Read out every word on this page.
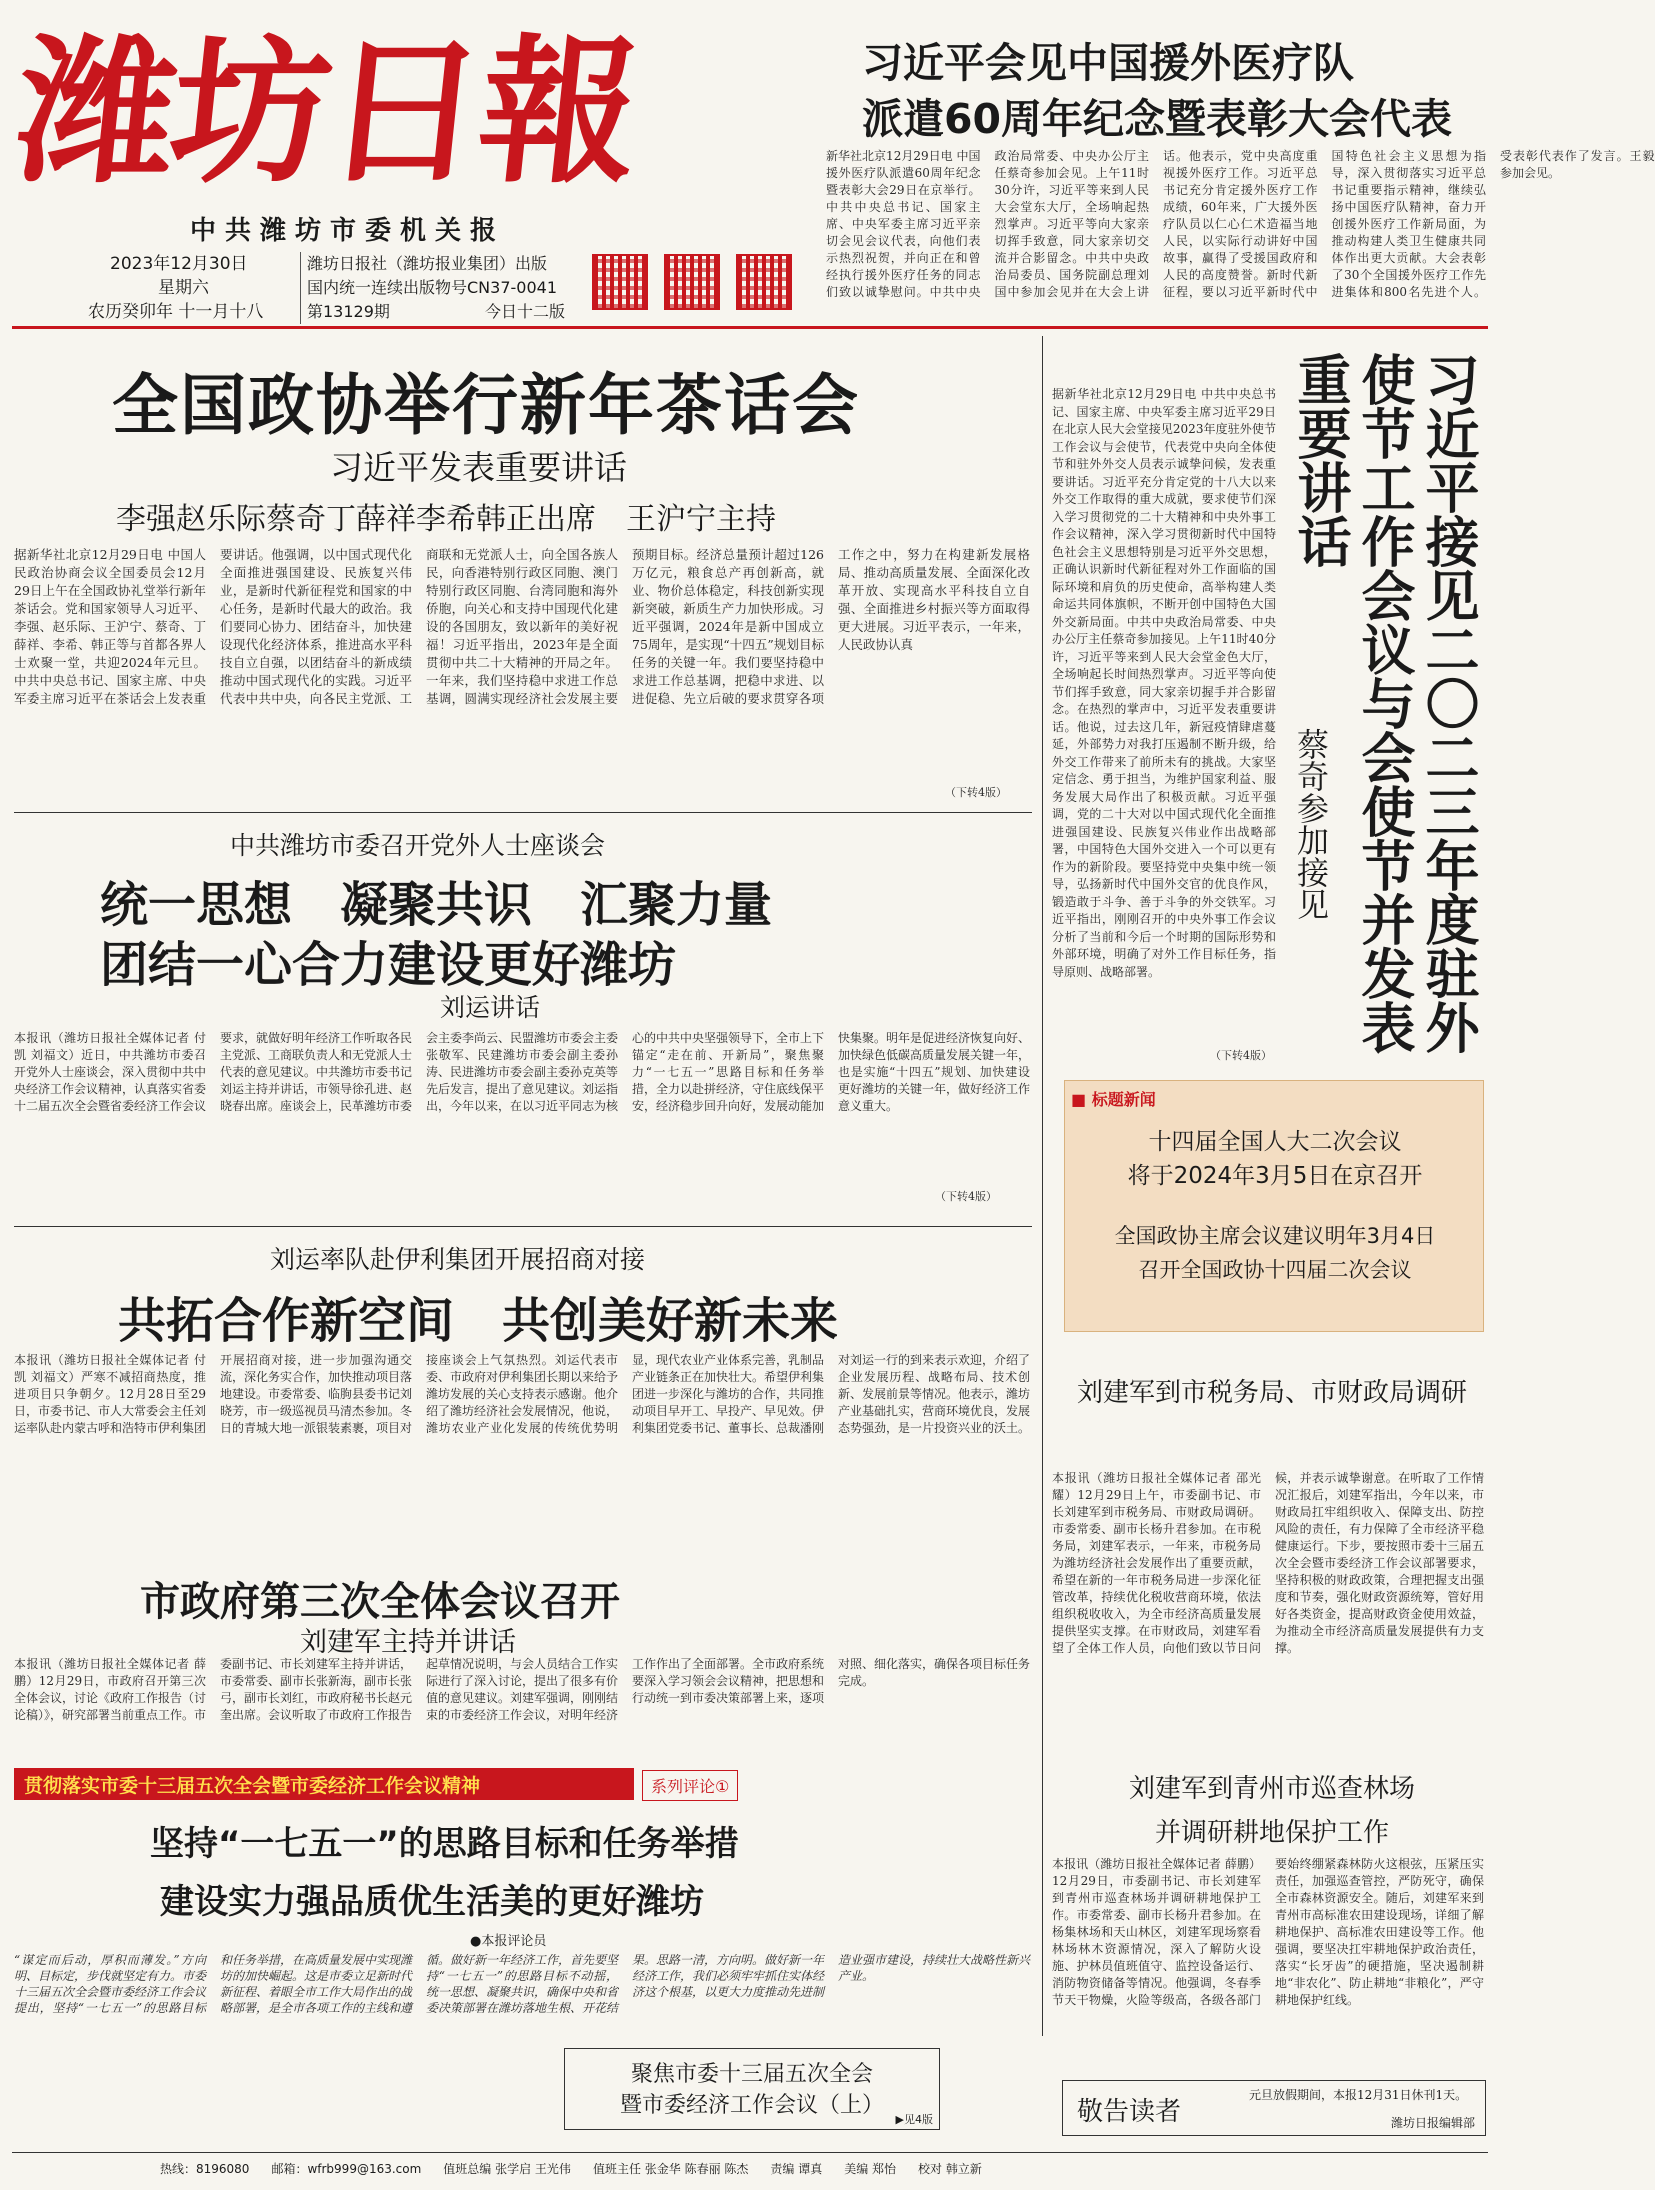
潍坊日報
中共潍坊市委机关报
2023年12月30日
星期六
农历癸卯年 十一月十八
潍坊日报社（潍坊报业集团）出版
国内统一连续出版物号CN37-0041
第13129期	今日十二版
习近平会见中国援外医疗队
派遣60周年纪念暨表彰大会代表
新华社北京12月29日电 中国援外医疗队派遣60周年纪念暨表彰大会29日在京举行。中共中央总书记、国家主席、中央军委主席习近平亲切会见会议代表，向他们表示热烈祝贺，并向正在和曾经执行援外医疗任务的同志们致以诚挚慰问。中共中央政治局常委、中央办公厅主任蔡奇参加会见。上午11时30分许，习近平等来到人民大会堂东大厅，全场响起热烈掌声。习近平等向大家亲切挥手致意，同大家亲切交流并合影留念。中共中央政治局委员、国务院副总理刘国中参加会见并在大会上讲话。他表示，党中央高度重视援外医疗工作。习近平总书记充分肯定援外医疗工作成绩，60年来，广大援外医疗队员以仁心仁术造福当地人民，以实际行动讲好中国故事，赢得了受援国政府和人民的高度赞誉。新时代新征程，要以习近平新时代中国特色社会主义思想为指导，深入贯彻落实习近平总书记重要指示精神，继续弘扬中国医疗队精神，奋力开创援外医疗工作新局面，为推动构建人类卫生健康共同体作出更大贡献。大会表彰了30个全国援外医疗工作先进集体和800名先进个人。受表彰代表作了发言。王毅参加会见。
全国政协举行新年茶话会
习近平发表重要讲话
李强赵乐际蔡奇丁薛祥李希韩正出席　王沪宁主持
据新华社北京12月29日电 中国人民政治协商会议全国委员会12月29日上午在全国政协礼堂举行新年茶话会。党和国家领导人习近平、李强、赵乐际、王沪宁、蔡奇、丁薛祥、李希、韩正等与首都各界人士欢聚一堂，共迎2024年元旦。中共中央总书记、国家主席、中央军委主席习近平在茶话会上发表重要讲话。他强调，以中国式现代化全面推进强国建设、民族复兴伟业，是新时代新征程党和国家的中心任务，是新时代最大的政治。我们要同心协力、团结奋斗，加快建设现代化经济体系，推进高水平科技自立自强，以团结奋斗的新成绩推动中国式现代化的实践。习近平代表中共中央，向各民主党派、工商联和无党派人士，向全国各族人民，向香港特别行政区同胞、澳门特别行政区同胞、台湾同胞和海外侨胞，向关心和支持中国现代化建设的各国朋友，致以新年的美好祝福！习近平指出，2023年是全面贯彻中共二十大精神的开局之年。一年来，我们坚持稳中求进工作总基调，圆满实现经济社会发展主要预期目标。经济总量预计超过126万亿元，粮食总产再创新高，就业、物价总体稳定，科技创新实现新突破，新质生产力加快形成。习近平强调，2024年是新中国成立75周年，是实现“十四五”规划目标任务的关键一年。我们要坚持稳中求进工作总基调，把稳中求进、以进促稳、先立后破的要求贯穿各项工作之中，努力在构建新发展格局、推动高质量发展、全面深化改革开放、实现高水平科技自立自强、全面推进乡村振兴等方面取得更大进展。习近平表示，一年来，人民政协认真
（下转4版）
据新华社北京12月29日电 中共中央总书记、国家主席、中央军委主席习近平29日在北京人民大会堂接见2023年度驻外使节工作会议与会使节，代表党中央向全体使节和驻外外交人员表示诚挚问候，发表重要讲话。习近平充分肯定党的十八大以来外交工作取得的重大成就，要求使节们深入学习贯彻党的二十大精神和中央外事工作会议精神，深入学习贯彻新时代中国特色社会主义思想特别是习近平外交思想，正确认识新时代新征程对外工作面临的国际环境和肩负的历史使命，高举构建人类命运共同体旗帜，不断开创中国特色大国外交新局面。中共中央政治局常委、中央办公厅主任蔡奇参加接见。上午11时40分许，习近平等来到人民大会堂金色大厅，全场响起长时间热烈掌声。习近平等向使节们挥手致意，同大家亲切握手并合影留念。在热烈的掌声中，习近平发表重要讲话。他说，过去这几年，新冠疫情肆虐蔓延，外部势力对我打压遏制不断升级，给外交工作带来了前所未有的挑战。大家坚定信念、勇于担当，为维护国家利益、服务发展大局作出了积极贡献。习近平强调，党的二十大对以中国式现代化全面推进强国建设、民族复兴伟业作出战略部署，中国特色大国外交进入一个可以更有作为的新阶段。要坚持党中央集中统一领导，弘扬新时代中国外交官的优良作风，锻造敢于斗争、善于斗争的外交铁军。习近平指出，刚刚召开的中央外事工作会议分析了当前和今后一个时期的国际形势和外部环境，明确了对外工作目标任务，指导原则、战略部署。	习近平接见二〇二三年度驻外使节工作会议与会使节并发表重要讲话
蔡奇参加接见
（下转4版）
■ 标题新闻
十四届全国人大二次会议
将于2024年3月5日在京召开
全国政协主席会议建议明年3月4日
召开全国政协十四届二次会议
中共潍坊市委召开党外人士座谈会
统一思想　凝聚共识　汇聚力量
团结一心合力建设更好潍坊
刘运讲话
本报讯（潍坊日报社全媒体记者 付凯 刘福文）近日，中共潍坊市委召开党外人士座谈会，深入贯彻中共中央经济工作会议精神，认真落实省委十二届五次全会暨省委经济工作会议要求，就做好明年经济工作听取各民主党派、工商联负责人和无党派人士代表的意见建议。中共潍坊市委书记刘运主持并讲话，市领导徐孔进、赵晓春出席。座谈会上，民革潍坊市委会主委李尚云、民盟潍坊市委会主委张敬军、民建潍坊市委会副主委孙涛、民进潍坊市委会副主委孙克英等先后发言，提出了意见建议。刘运指出，今年以来，在以习近平同志为核心的中共中央坚强领导下，全市上下锚定“走在前、开新局”，聚焦聚力“一七五一”思路目标和任务举措，全力以赴拼经济，守住底线保平安，经济稳步回升向好，发展动能加快集聚。明年是促进经济恢复向好、加快绿色低碳高质量发展关键一年，也是实施“十四五”规划、加快建设更好潍坊的关键一年，做好经济工作意义重大。
（下转4版）
刘运率队赴伊利集团开展招商对接
共拓合作新空间　共创美好新未来
本报讯（潍坊日报社全媒体记者 付凯 刘福文）严寒不减招商热度，推进项目只争朝夕。12月28日至29日，市委书记、市人大常委会主任刘运率队赴内蒙古呼和浩特市伊利集团开展招商对接，进一步加强沟通交流，深化务实合作，加快推动项目落地建设。市委常委、临朐县委书记刘晓芳，市一级巡视员马清杰参加。冬日的青城大地一派银装素裹，项目对接座谈会上气氛热烈。刘运代表市委、市政府对伊利集团长期以来给予潍坊发展的关心支持表示感谢。他介绍了潍坊经济社会发展情况，他说，潍坊农业产业化发展的传统优势明显，现代农业产业体系完善，乳制品产业链条正在加快壮大。希望伊利集团进一步深化与潍坊的合作，共同推动项目早开工、早投产、早见效。伊利集团党委书记、董事长、总裁潘刚对刘运一行的到来表示欢迎，介绍了企业发展历程、战略布局、技术创新、发展前景等情况。他表示，潍坊产业基础扎实，营商环境优良，发展态势强劲，是一片投资兴业的沃土。
刘建军到市税务局、市财政局调研
本报讯（潍坊日报社全媒体记者 邵光耀）12月29日上午，市委副书记、市长刘建军到市税务局、市财政局调研。市委常委、副市长杨升君参加。在市税务局，刘建军表示，一年来，市税务局为潍坊经济社会发展作出了重要贡献，希望在新的一年市税务局进一步深化征管改革，持续优化税收营商环境，依法组织税收收入，为全市经济高质量发展提供坚实支撑。在市财政局，刘建军看望了全体工作人员，向他们致以节日问候，并表示诚挚谢意。在听取了工作情况汇报后，刘建军指出，今年以来，市财政局扛牢组织收入、保障支出、防控风险的责任，有力保障了全市经济平稳健康运行。下步，要按照市委十三届五次全会暨市委经济工作会议部署要求，坚持积极的财政政策，合理把握支出强度和节奏，强化财政资源统筹，管好用好各类资金，提高财政资金使用效益，为推动全市经济高质量发展提供有力支撑。
市政府第三次全体会议召开
刘建军主持并讲话
本报讯（潍坊日报社全媒体记者 薛鹏）12月29日，市政府召开第三次全体会议，讨论《政府工作报告（讨论稿）》，研究部署当前重点工作。市委副书记、市长刘建军主持并讲话，市委常委、副市长张新海，副市长张弓，副市长刘红，市政府秘书长赵元奎出席。会议听取了市政府工作报告起草情况说明，与会人员结合工作实际进行了深入讨论，提出了很多有价值的意见建议。刘建军强调，刚刚结束的市委经济工作会议，对明年经济工作作出了全面部署。全市政府系统要深入学习领会会议精神，把思想和行动统一到市委决策部署上来，逐项对照、细化落实，确保各项目标任务完成。
贯彻落实市委十三届五次全会暨市委经济工作会议精神	系列评论①
坚持“一七五一”的思路目标和任务举措
建设实力强品质优生活美的更好潍坊
●本报评论员
“谋定而后动，厚积而薄发。”方向明、目标定，步伐就坚定有力。市委十三届五次全会暨市委经济工作会议提出，坚持“一七五一”的思路目标和任务举措，在高质量发展中实现潍坊的加快崛起。这是市委立足新时代新征程、着眼全市工作大局作出的战略部署，是全市各项工作的主线和遵循。做好新一年经济工作，首先要坚持“一七五一”的思路目标不动摇，统一思想、凝聚共识，确保中央和省委决策部署在潍坊落地生根、开花结果。思路一清，方向明。做好新一年经济工作，我们必须牢牢抓住实体经济这个根基，以更大力度推动先进制造业强市建设，持续壮大战略性新兴产业。
聚焦市委十三届五次全会
暨市委经济工作会议（上）
▶见4版
刘建军到青州市巡查林场
并调研耕地保护工作
本报讯（潍坊日报社全媒体记者 薛鹏）12月29日，市委副书记、市长刘建军到青州市巡查林场并调研耕地保护工作。市委常委、副市长杨升君参加。在杨集林场和天山林区，刘建军现场察看林场林木资源情况，深入了解防火设施、护林员值班值守、监控设备运行、消防物资储备等情况。他强调，冬春季节天干物燥，火险等级高，各级各部门要始终绷紧森林防火这根弦，压紧压实责任，加强巡查管控，严防死守，确保全市森林资源安全。随后，刘建军来到青州市高标准农田建设现场，详细了解耕地保护、高标准农田建设等工作。他强调，要坚决扛牢耕地保护政治责任，落实“长牙齿”的硬措施，坚决遏制耕地“非农化”、防止耕地“非粮化”，严守耕地保护红线。
敬告读者
元旦放假期间，本报12月31日休刊1天。
潍坊日报编辑部
热线：8196080 邮箱：wfrb999@163.com 值班总编 张学启 王光伟 值班主任 张金华 陈春丽 陈杰 责编 谭真 美编 郑怡 校对 韩立新
